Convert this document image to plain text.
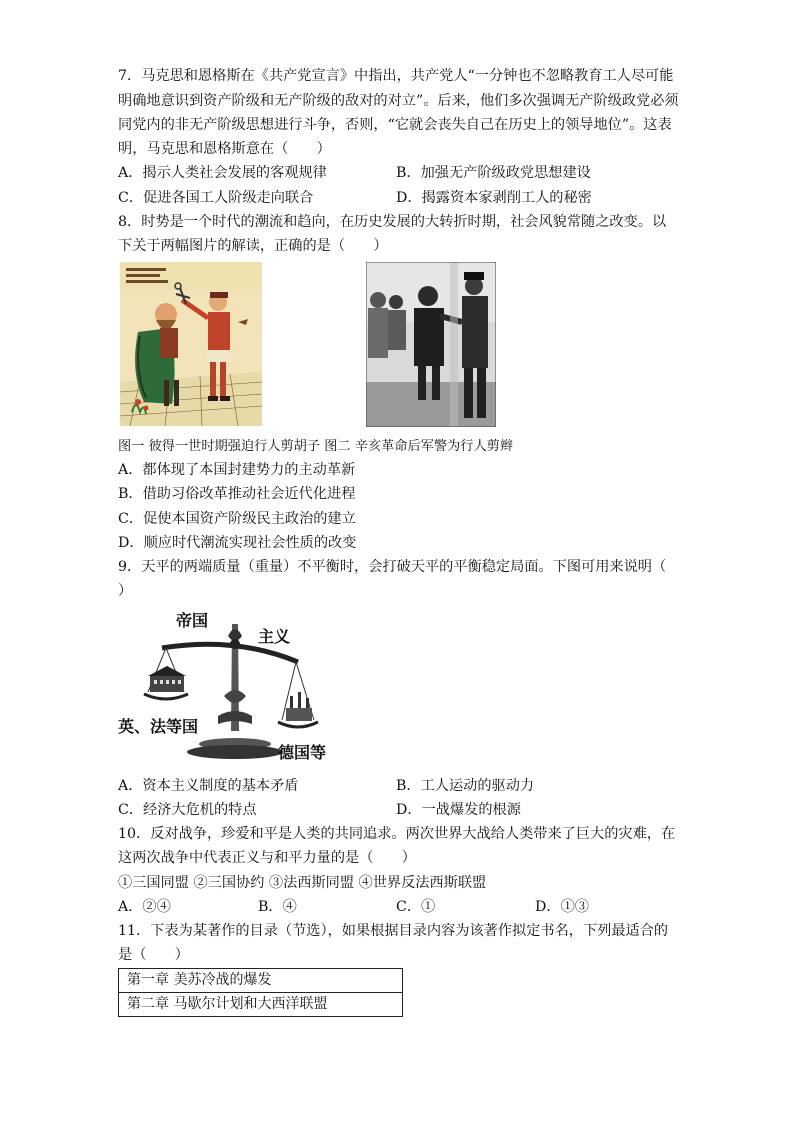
7．马克思和恩格斯在《共产党宣言》中指出，共产党人“一分钟也不忽略教育工人尽可能
明确地意识到资产阶级和无产阶级的敌对的对立”。后来，他们多次强调无产阶级政党必须
同党内的非无产阶级思想进行斗争，否则，“它就会丧失自己在历史上的领导地位”。这表
明，马克思和恩格斯意在（　　）
A．揭示人类社会发展的客观规律	B．加强无产阶级政党思想建设
C．促进各国工人阶级走向联合	D．揭露资本家剥削工人的秘密
8．时势是一个时代的潮流和趋向，在历史发展的大转折时期，社会风貌常随之改变。以
下关于两幅图片的解读，正确的是（　　）
图一 彼得一世时期强迫行人剪胡子 图二 辛亥革命后军警为行人剪辫
A．都体现了本国封建势力的主动革新
B．借助习俗改革推动社会近代化进程
C．促使本国资产阶级民主政治的建立
D．顺应时代潮流实现社会性质的改变
9．天平的两端质量（重量）不平衡时，会打破天平的平衡稳定局面。下图可用来说明（
）
帝国
主义
英、法等国
德国等
A．资本主义制度的基本矛盾	B．工人运动的驱动力
C．经济大危机的特点	D．一战爆发的根源
10．反对战争，珍爱和平是人类的共同追求。两次世界大战给人类带来了巨大的灾难，在
这两次战争中代表正义与和平力量的是（　　）
①三国同盟 ②三国协约 ③法西斯同盟 ④世界反法西斯联盟
A．②④	B．④	C．①	D．①③
11．下表为某著作的目录（节选），如果根据目录内容为该著作拟定书名，下列最适合的
是（　　）
第一章 美苏冷战的爆发
第二章 马歇尔计划和大西洋联盟
